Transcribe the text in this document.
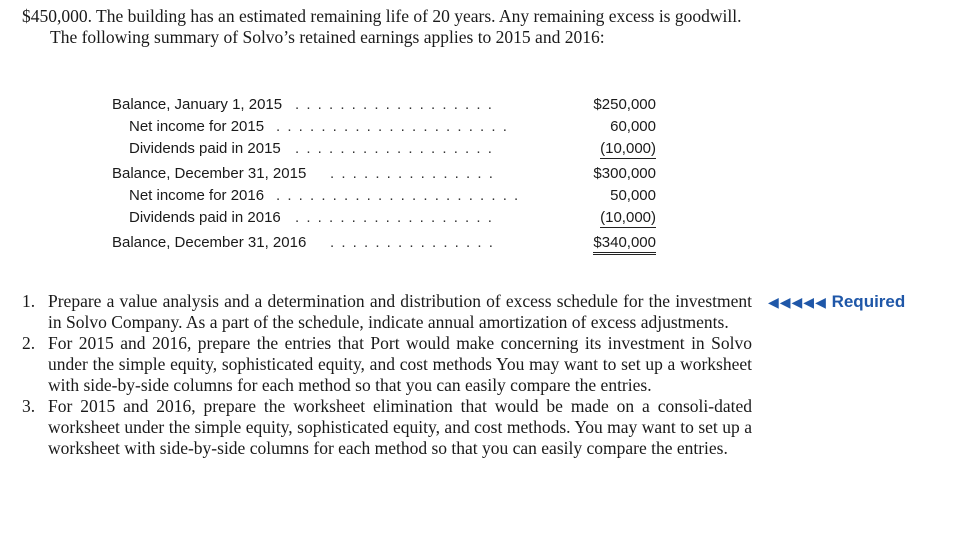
$450,000. The building has an estimated remaining life of 20 years. Any remaining excess is goodwill.

The following summary of Solvo’s retained earnings applies to 2015 and 2016:

Balance, January 1, 2015 . . . . . . . . . . . . . . . . . .	$250,000
Net income for 2015 . . . . . . . . . . . . . . . . . . . . .	60,000
Dividends paid in 2015 . . . . . . . . . . . . . . . . . .	(10,000)
Balance, December 31, 2015 . . . . . . . . . . . . . . .	$300,000
Net income for 2016 . . . . . . . . . . . . . . . . . . . . . .	50,000
Dividends paid in 2016 . . . . . . . . . . . . . . . . . .	(10,000)
Balance, December 31, 2016 . . . . . . . . . . . . . . .	$340,000
◀◀◀◀◀ Required
1. Prepare a value analysis and a determination and distribution of excess schedule for the investment in Solvo Company. As a part of the schedule, indicate annual amortization of excess adjustments.
2. For 2015 and 2016, prepare the entries that Port would make concerning its investment in Solvo under the simple equity, sophisticated equity, and cost methods You may want to set up a worksheet with side-by-side columns for each method so that you can easily compare the entries.
3. For 2015 and 2016, prepare the worksheet elimination that would be made on a consoli-dated worksheet under the simple equity, sophisticated equity, and cost methods. You may want to set up a worksheet with side-by-side columns for each method so that you can easily compare the entries.
